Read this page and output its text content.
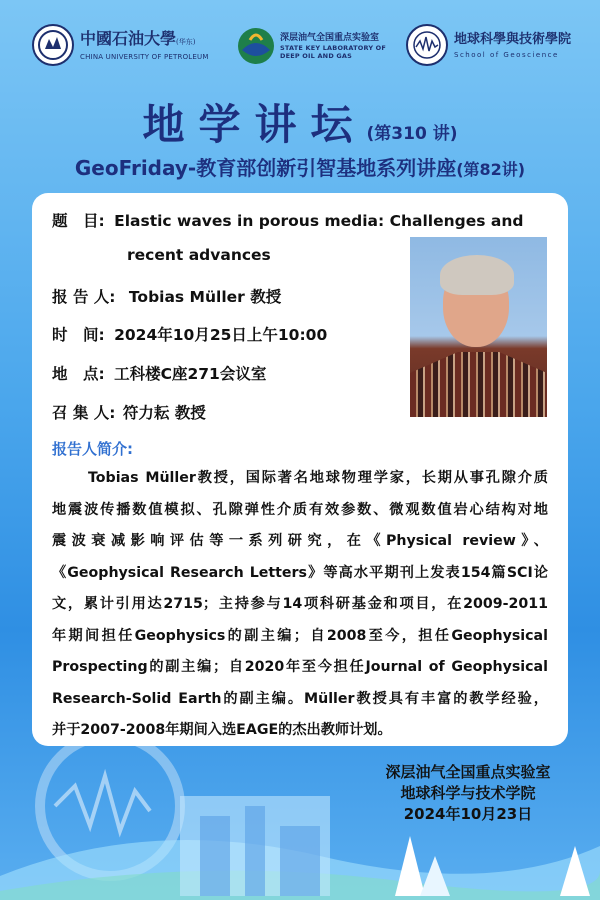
中國石油大學(华东)
CHINA UNIVERSITY OF PETROLEUM
深层油气全国重点实验室
STATE KEY LABORATORY OF
DEEP OIL AND GAS
地球科學與技術學院
School of Geoscience
地学讲坛(第310 讲)
GeoFriday-教育部创新引智基地系列讲座(第82讲)
题　目: Elastic waves in porous media: Challenges and
recent advances
报 告 人: Tobias Müller 教授
时　间: 2024年10月25日上午10:00
地　点: 工科楼C座271会议室
召 集 人: 符力耘 教授
报告人简介:
Tobias Müller教授，国际著名地球物理学家，长期从事孔隙介质
地震波传播数值模拟、孔隙弹性介质有效参数、微观数值岩心结构对地
震波衰减影响评估等一系列研究，在《Physical review》、
《Geophysical Research Letters》等高水平期刊上发表154篇SCI论
文，累计引用达2715；主持参与14项科研基金和项目，在2009-2011
年期间担任Geophysics的副主编；自2008至今，担任Geophysical
Prospecting的副主编；自2020年至今担任Journal of Geophysical
Research-Solid Earth的副主编。Müller教授具有丰富的教学经验，
并于2007-2008年期间入选EAGE的杰出教师计划。
深层油气全国重点实验室
地球科学与技术学院
2024年10月23日
